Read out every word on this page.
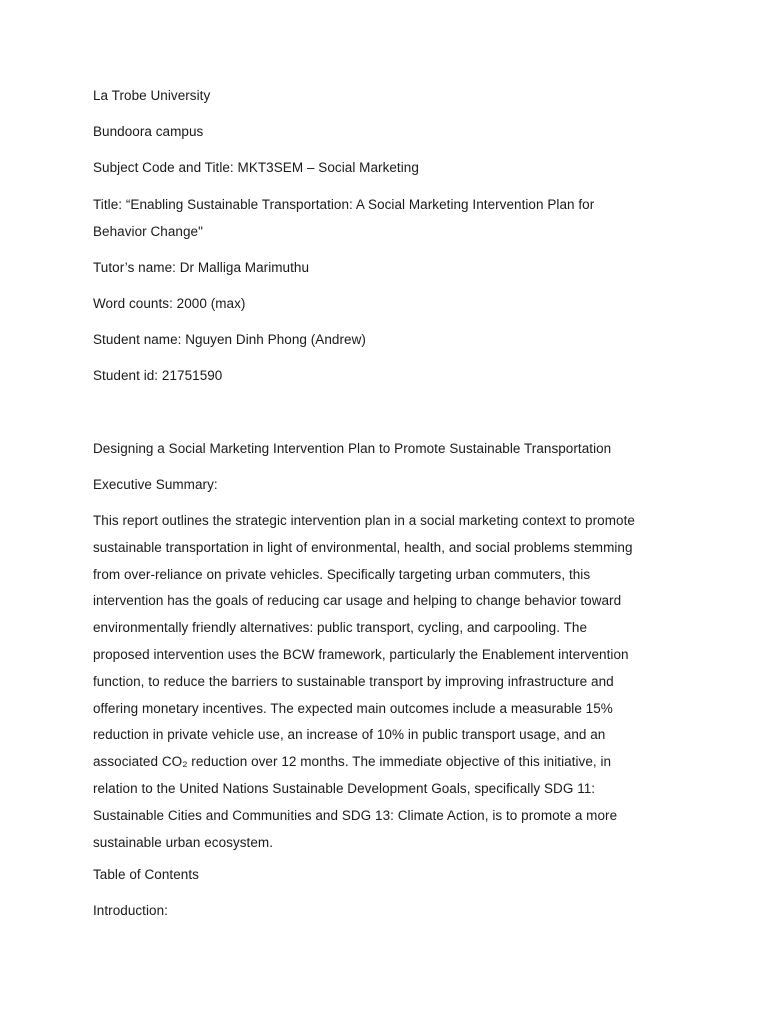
La Trobe University

Bundoora campus

Subject Code and Title: MKT3SEM – Social Marketing

Title: “Enabling Sustainable Transportation: A Social Marketing Intervention Plan for

Behavior Change"

Tutor’s name: Dr Malliga Marimuthu

Word counts: 2000 (max)

Student name: Nguyen Dinh Phong (Andrew)

Student id: 21751590

Designing a Social Marketing Intervention Plan to Promote Sustainable Transportation

Executive Summary:

This report outlines the strategic intervention plan in a social marketing context to promote

sustainable transportation in light of environmental, health, and social problems stemming

from over-reliance on private vehicles. Specifically targeting urban commuters, this

intervention has the goals of reducing car usage and helping to change behavior toward

environmentally friendly alternatives: public transport, cycling, and carpooling. The

proposed intervention uses the BCW framework, particularly the Enablement intervention

function, to reduce the barriers to sustainable transport by improving infrastructure and

offering monetary incentives. The expected main outcomes include a measurable 15%

reduction in private vehicle use, an increase of 10% in public transport usage, and an

associated CO₂ reduction over 12 months. The immediate objective of this initiative, in

relation to the United Nations Sustainable Development Goals, specifically SDG 11:

Sustainable Cities and Communities and SDG 13: Climate Action, is to promote a more

sustainable urban ecosystem.

Table of Contents

Introduction:
